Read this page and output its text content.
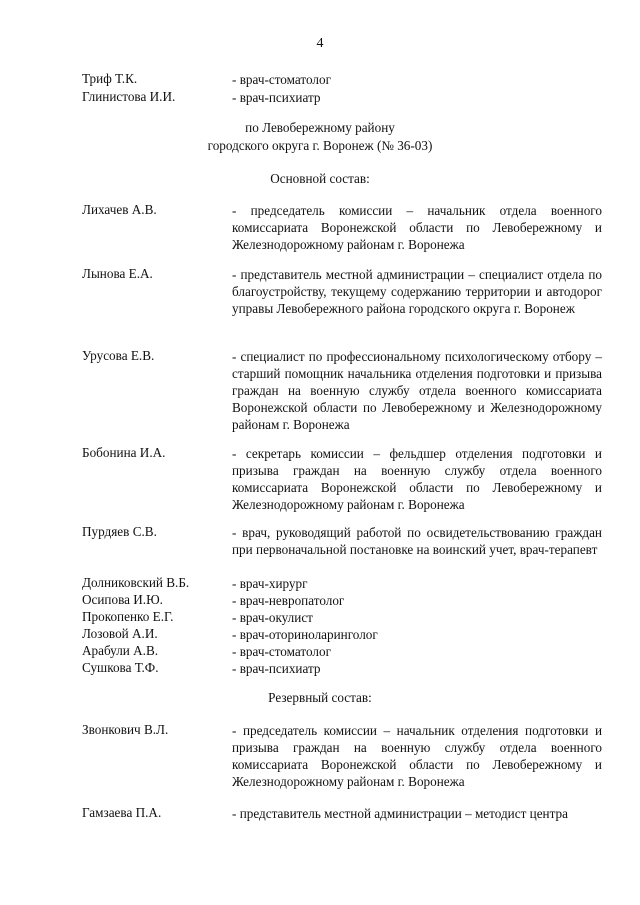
4
Триф Т.К.	- врач-стоматолог
Глинистова И.И.	- врач-психиатр
по Левобережному району
городского округа г. Воронеж (№ 36-03)
Основной состав:
Лихачев А.В.	- председатель комиссии – начальник отдела военного комиссариата Воронежской области по Левобережному и Железнодорожному районам г. Воронежа
Лынова Е.А.	- представитель местной администрации – специалист отдела по благоустройству, текущему содержанию территории и автодорог управы Левобережного района городского округа г. Воронеж
Урусова Е.В.	- специалист по профессиональному психологическому отбору – старший помощник начальника отделения подготовки и призыва граждан на военную службу отдела военного комиссариата Воронежской области по Левобережному и Железнодорожному районам г. Воронежа
Бобонина И.А.	- секретарь комиссии – фельдшер отделения подготовки и призыва граждан на военную службу отдела военного комиссариата Воронежской области по Левобережному и Железнодорожному районам г. Воронежа
Пурдяев С.В.	- врач, руководящий работой по освидетельствованию граждан при первоначальной постановке на воинский учет, врач-терапевт
Долниковский В.Б.	- врач-хирург
Осипова И.Ю.	- врач-невропатолог
Прокопенко Е.Г.	- врач-окулист
Лозовой А.И.	- врач-оториноларинголог
Арабули А.В.	- врач-стоматолог
Сушкова Т.Ф.	- врач-психиатр
Резервный состав:
Звонкович В.Л.	- председатель комиссии – начальник отделения подготовки и призыва граждан на военную службу отдела военного комиссариата Воронежской области по Левобережному и Железнодорожному районам г. Воронежа
Гамзаева П.А.	- представитель местной администрации – методист центра
